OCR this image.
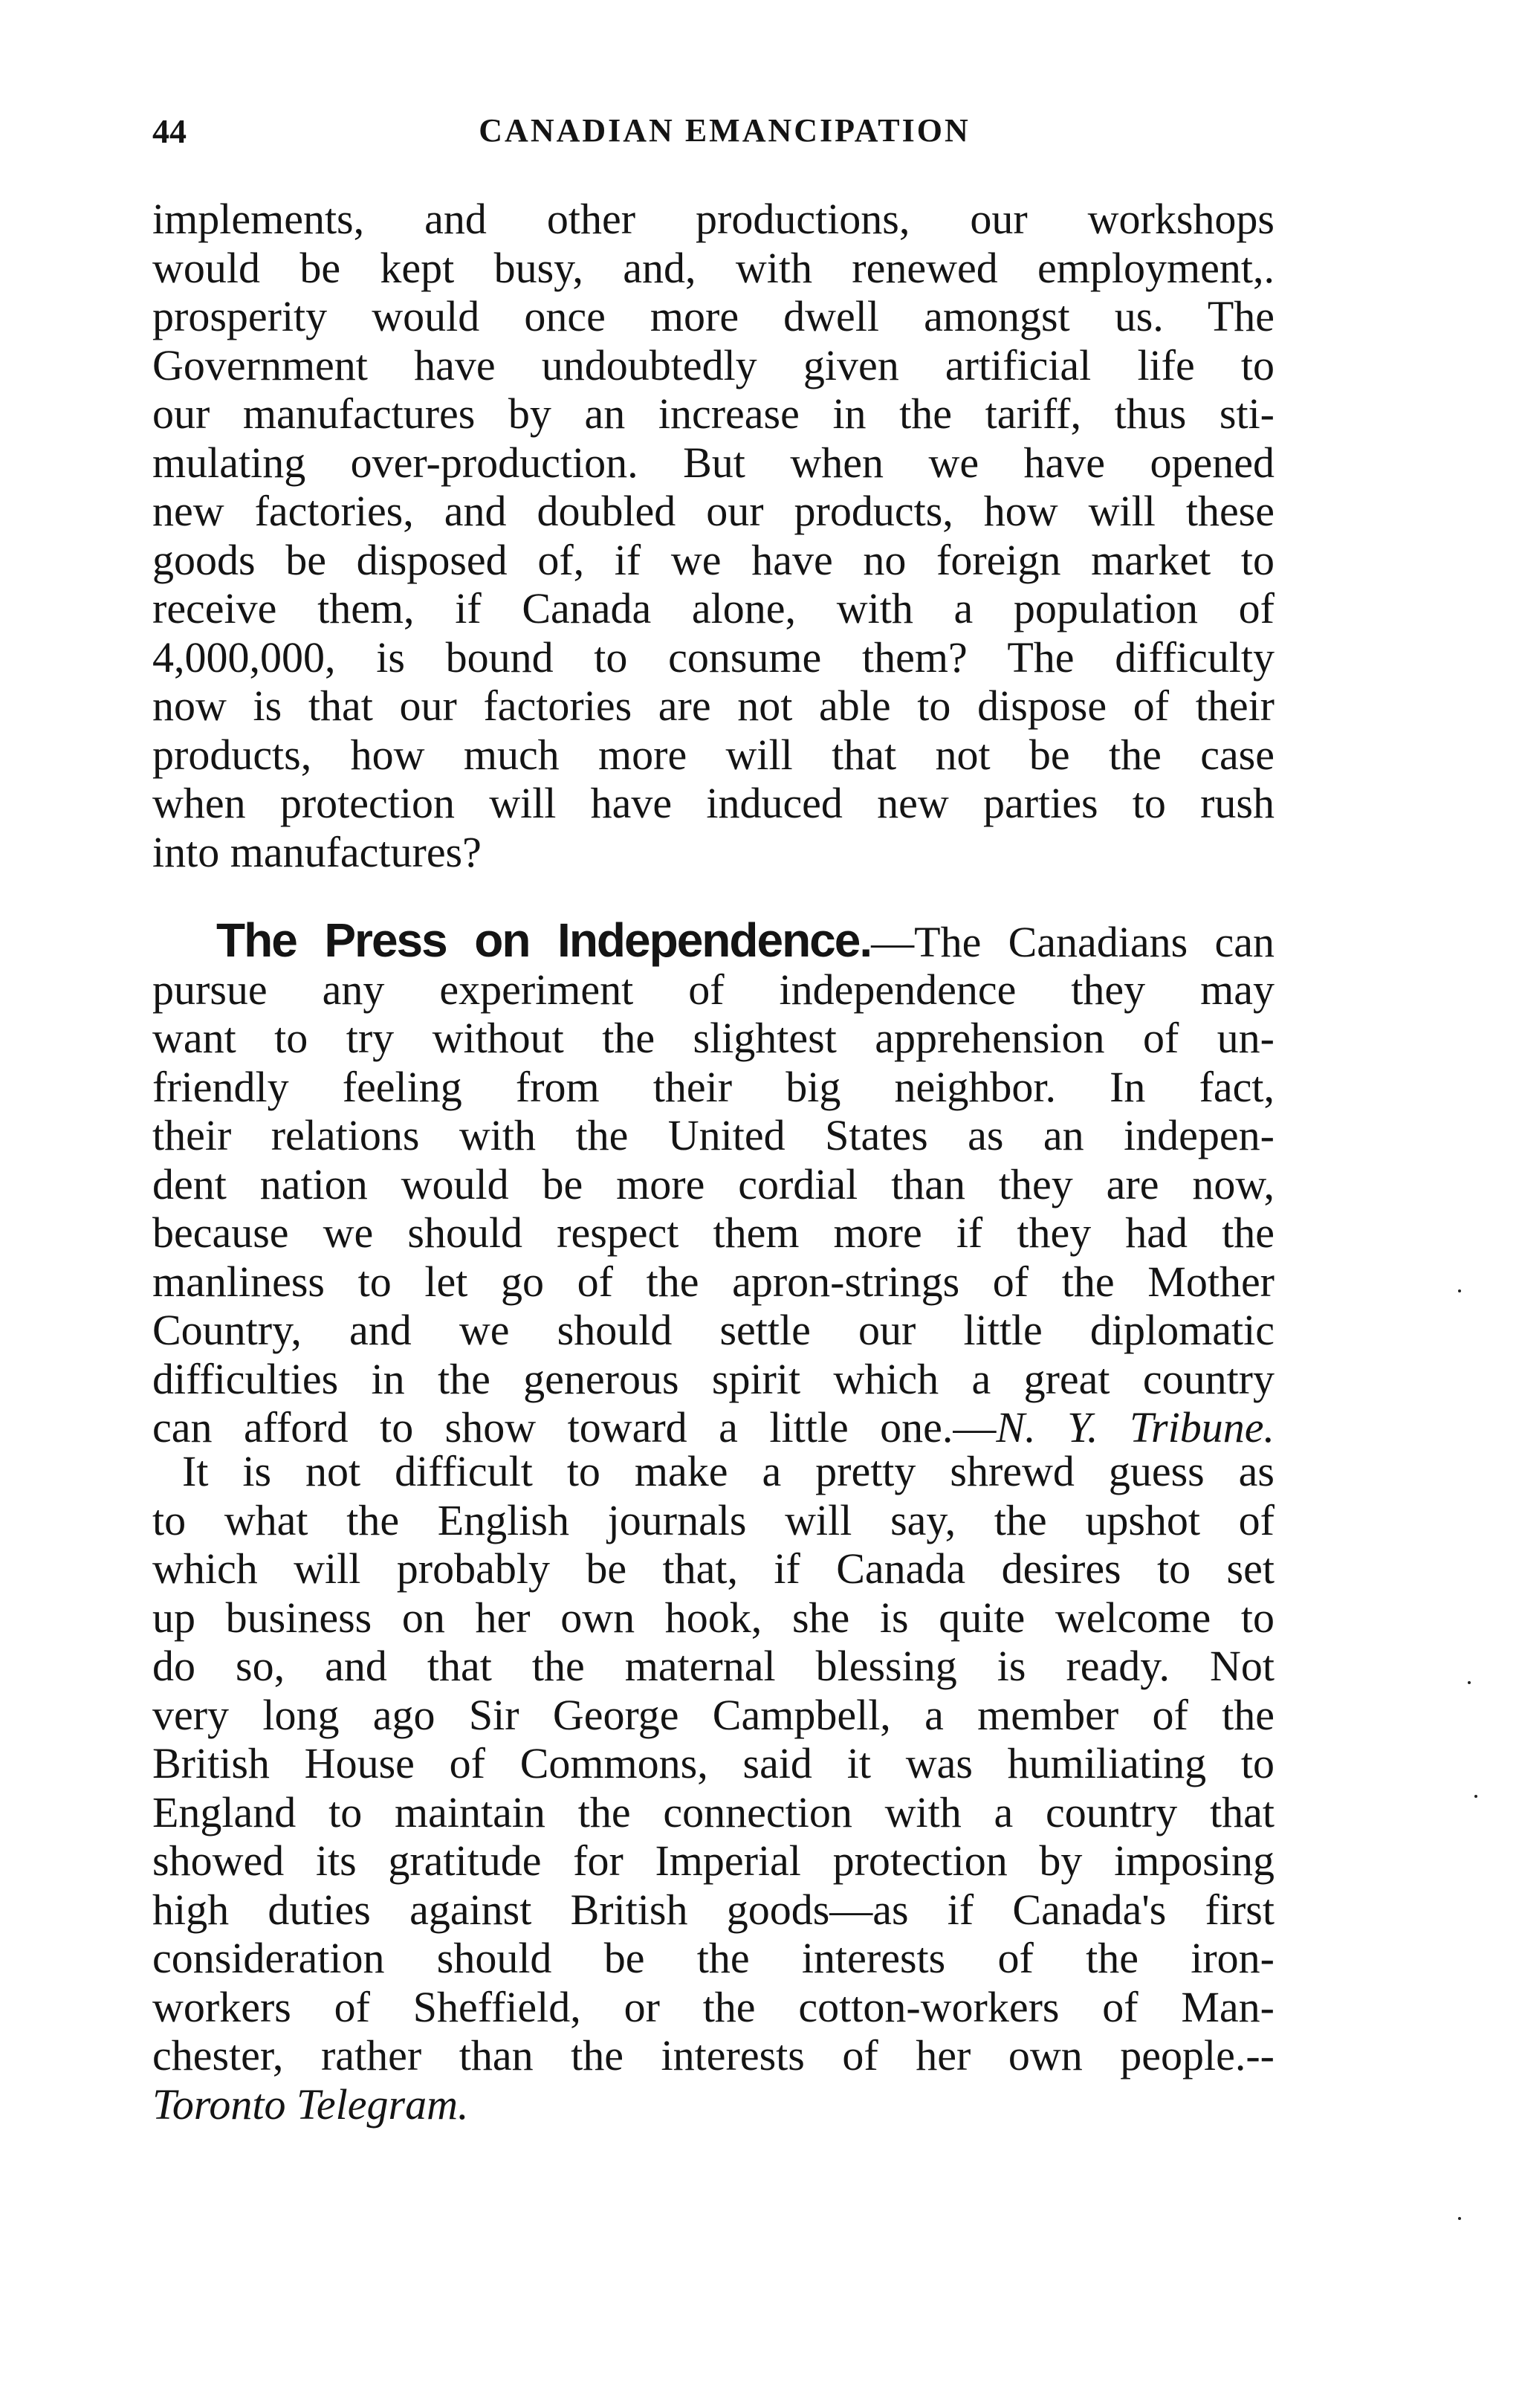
44	CANADIAN EMANCIPATION
implements, and other productions, our workshops
would be kept busy, and, with renewed employment,.
prosperity would once more dwell amongst us. The
Government have undoubtedly given artificial life to
our manufactures by an increase in the tariff, thus sti-
mulating over-production. But when we have opened
new factories, and doubled our products, how will these
goods be disposed of, if we have no foreign market to
receive them, if Canada alone, with a population of
4,000,000, is bound to consume them? The difficulty
now is that our factories are not able to dispose of their
products, how much more will that not be the case
when protection will have induced new parties to rush
into manufactures?
The Press on Independence.—The Canadians can
pursue any experiment of independence they may
want to try without the slightest apprehension of un-
friendly feeling from their big neighbor. In fact,
their relations with the United States as an indepen-
dent nation would be more cordial than they are now,
because we should respect them more if they had the
manliness to let go of the apron-strings of the Mother
Country, and we should settle our little diplomatic
difficulties in the generous spirit which a great country
can afford to show toward a little one.—N. Y. Tribune.
It is not difficult to make a pretty shrewd guess as
to what the English journals will say, the upshot of
which will probably be that, if Canada desires to set
up business on her own hook, she is quite welcome to
do so, and that the maternal blessing is ready. Not
very long ago Sir George Campbell, a member of the
British House of Commons, said it was humiliating to
England to maintain the connection with a country that
showed its gratitude for Imperial protection by imposing
high duties against British goods—as if Canada's first
consideration should be the interests of the iron-
workers of Sheffield, or the cotton-workers of Man-
chester, rather than the interests of her own people.--
Toronto Telegram.
